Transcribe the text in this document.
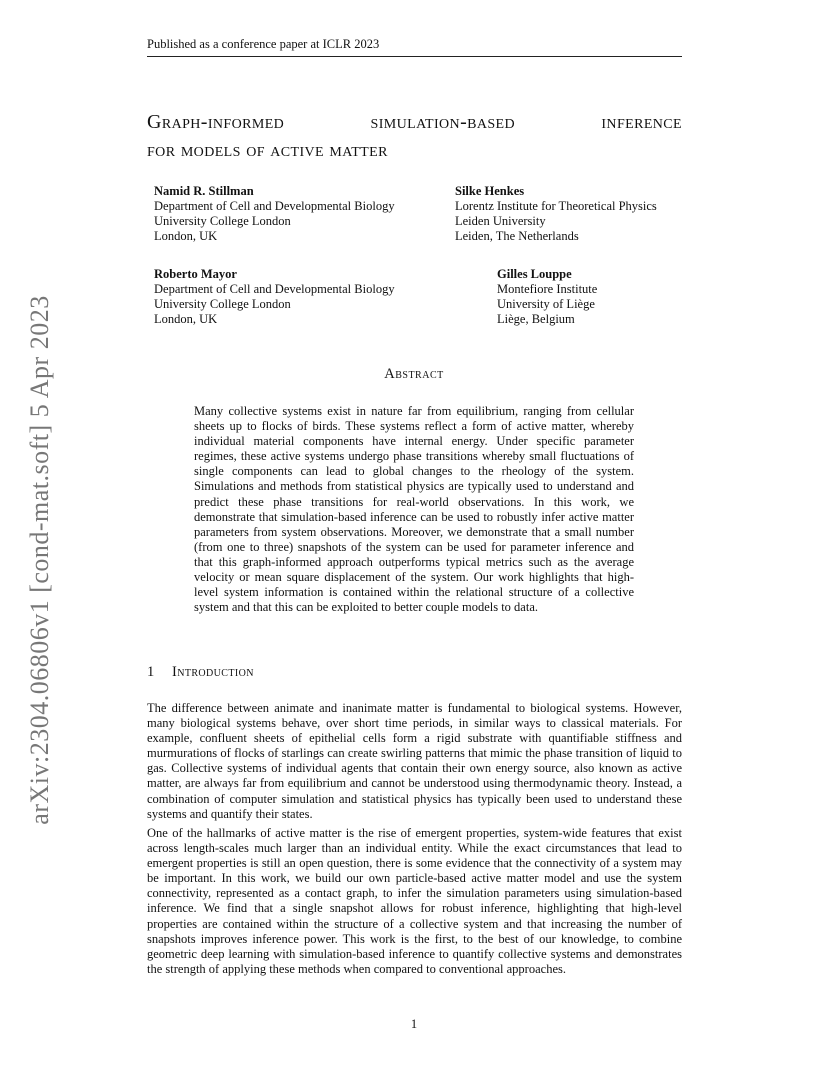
Published as a conference paper at ICLR 2023
Graph-informed	simulation-based	inference
for models of active matter
Namid R. Stillman
Department of Cell and Developmental Biology
University College London
London, UK
Silke Henkes
Lorentz Institute for Theoretical Physics
Leiden University
Leiden, The Netherlands
Roberto Mayor
Department of Cell and Developmental Biology
University College London
London, UK
Gilles Louppe
Montefiore Institute
University of Liège
Liège, Belgium
arXiv:2304.06806v1 [cond-mat.soft] 5 Apr 2023	Abstract

Many collective systems exist in nature far from equilibrium, ranging from cellular sheets up to flocks of birds. These systems reflect a form of active matter, whereby individual material components have internal energy. Under specific parameter regimes, these active systems undergo phase transitions whereby small fluctuations of single components can lead to global changes to the rheology of the system. Simulations and methods from statistical physics are typically used to understand and predict these phase transitions for real-world observations. In this work, we demonstrate that simulation-based inference can be used to robustly infer active matter parameters from system observations. Moreover, we demonstrate that a small number (from one to three) snapshots of the system can be used for parameter inference and that this graph-informed approach outperforms typical metrics such as the average velocity or mean square displacement of the system. Our work highlights that high-level system information is contained within the relational structure of a collective system and that this can be exploited to better couple models to data.

1 Introduction

The difference between animate and inanimate matter is fundamental to biological systems. However, many biological systems behave, over short time periods, in similar ways to classical materials. For example, confluent sheets of epithelial cells form a rigid substrate with quantifiable stiffness and murmurations of flocks of starlings can create swirling patterns that mimic the phase transition of liquid to gas. Collective systems of individual agents that contain their own energy source, also known as active matter, are always far from equilibrium and cannot be understood using thermodynamic theory. Instead, a combination of computer simulation and statistical physics has typically been used to understand these systems and quantify their states.

One of the hallmarks of active matter is the rise of emergent properties, system-wide features that exist across length-scales much larger than an individual entity. While the exact circumstances that lead to emergent properties is still an open question, there is some evidence that the connectivity of a system may be important. In this work, we build our own particle-based active matter model and use the system connectivity, represented as a contact graph, to infer the simulation parameters using simulation-based inference. We find that a single snapshot allows for robust inference, highlighting that high-level properties are contained within the structure of a collective system and that increasing the number of snapshots improves inference power. This work is the first, to the best of our knowledge, to combine geometric deep learning with simulation-based inference to quantify collective systems and demonstrates the strength of applying these methods when compared to conventional approaches.

1
